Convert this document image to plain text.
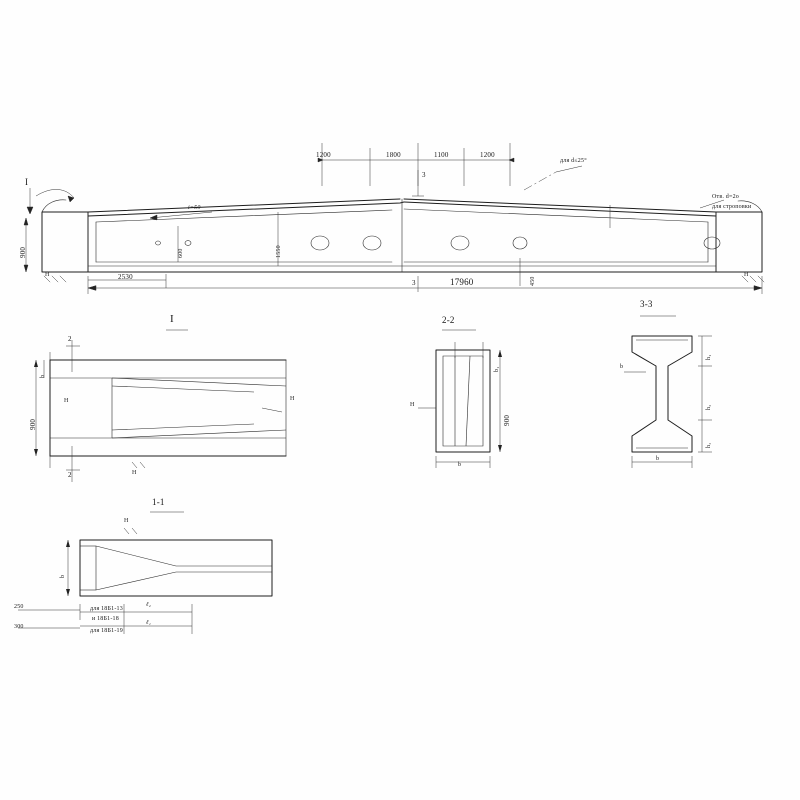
1200	1800	1100	1200
I
3
3
i=50
для d≤25°
Отв. d=2о
для строповки
900	600	1550
450
2530	17960
Н	Н
I
2
2
900
b
Н	Н
Н
2-2
b₁
900
b
Н
3-3
b
b
h₁
h₂
h₃
1-1
Н
b
для 18Б1-13
и 18Б1-18
для 18Б1-19
250
300
ℓ₂
ℓ₁
